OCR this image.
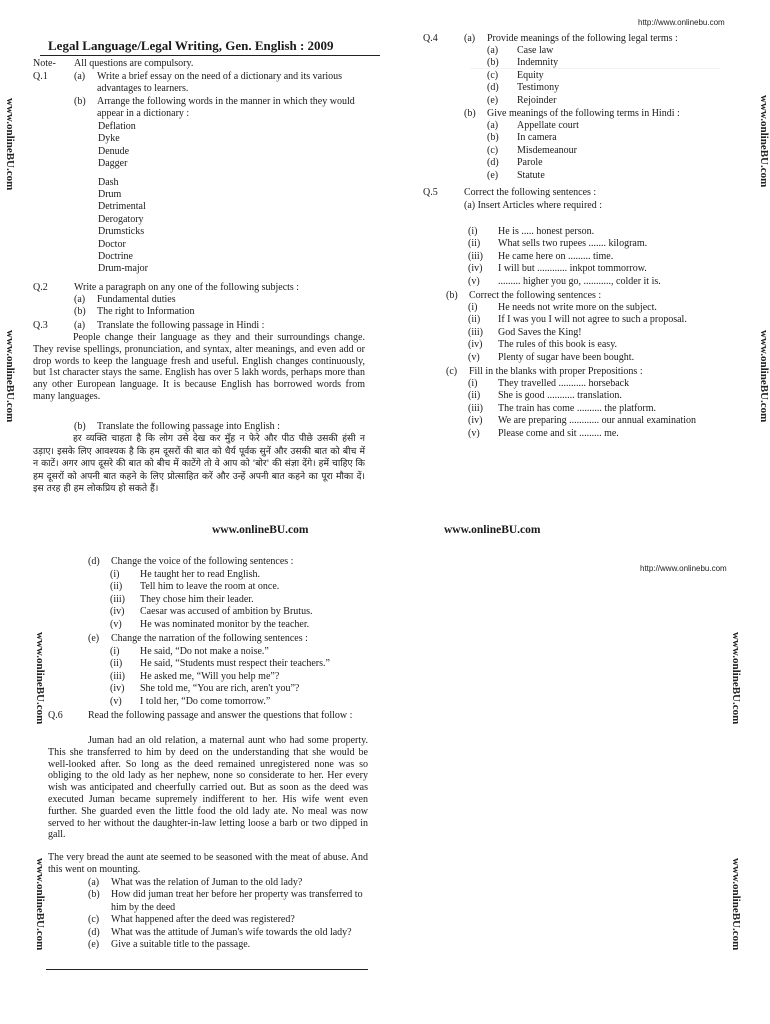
http://www.onlinebu.com
www.onlineBU.com
www.onlineBU.com
www.onlineBU.com
www.onlineBU.com
Legal Language/Legal Writing, Gen. English : 2009
Note- All questions are compulsory.
Q.1	(a) Write a brief essay on the need of a dictionary and its various advantages to learners.
(b) Arrange the following words in the manner in which they would appear in a dictionary :
Deflation
Dyke
Denude
Dagger
Dash
Drum
Detrimental
Derogatory
Drumsticks
Doctor
Doctrine
Drum-major
Q.2	Write a paragraph on any one of the following subjects :
(a) Fundamental duties
(b) The right to Information
Q.3	(a) Translate the following passage in Hindi :
People change their language as they and their surroundings change. They revise spellings, pronunciation, and syntax, alter meanings, and even add or drop words to keep the language fresh and useful. English changes continuously, but 1st character stays the same. English has over 5 lakh words, perhaps more than any other European language. It is because English has borrowed words from many languages.
(b) Translate the following passage into English :
हर व्यक्ति चाहता है कि लोग उसे देख कर मुँह न फेरे और पीठ पीछे उसकी हंसी न उड़ाए। इसके लिए आवश्यक है कि हम दूसरों की बात को धैर्य पूर्वक सुनें और उसकी बात को बीच में न काटें। अगर आप दूसरे की बात को बीच में काटेंगे तो वे आप को 'बोर' की संज्ञा देंगे। हमें चाहिए कि हम दूसरों को अपनी बात कहने के लिए प्रोत्साहित करें और उन्हें अपनी बात कहने का पूरा मौका दें। इस तरह ही हम लोकप्रिय हो सकते हैं।
Q.4	(a) Provide meanings of the following legal terms :
(a) Case law
(b) Indemnity
(c) Equity
(d) Testimony
(e) Rejoinder
(b) Give meanings of the following terms in Hindi :
(a) Appellate court
(b) In camera
(c) Misdemeanour
(d) Parole
(e) Statute
Q.5	Correct the following sentences :
(a) Insert Articles where required :
(i) He is ..... honest person.
(ii) What sells two rupees ....... kilogram.
(iii) He came here on ......... time.
(iv) I will but ............ inkpot tommorrow.
(v) ......... higher you go, ..........., colder it is.
(b) Correct the following sentences :
(i) He needs not write more on the subject.
(ii) If I was you I will not agree to such a proposal.
(iii) God Saves the King!
(iv) The rules of this book is easy.
(v) Plenty of sugar have been bought.
(c) Fill in the blanks with proper Prepositions :
(i) They travelled ........... horseback
(ii) She is good ........... translation.
(iii) The train has come .......... the platform.
(iv) We are preparing ............ our annual examination
(v) Please come and sit ......... me.
www.onlineBU.com	www.onlineBU.com
http://www.onlinebu.com
www.onlineBU.com
www.onlineBU.com
www.onlineBU.com
www.onlineBU.com
(d) Change the voice of the following sentences :
(i) He taught her to read English.
(ii) Tell him to leave the room at once.
(iii) They chose him their leader.
(iv) Caesar was accused of ambition by Brutus.
(v) He was nominated monitor by the teacher.
(e) Change the narration of the following sentences :
(i) He said, “Do not make a noise.”
(ii) He said, “Students must respect their teachers.”
(iii) He asked me, “Will you help me”?
(iv) She told me, “You are rich, aren't you”?
(v) I told her, “Do come tomorrow.”
Q.6	Read the following passage and answer the questions that follow :
Juman had an old relation, a maternal aunt who had some property. This she transferred to him by deed on the understanding that she would be well-looked after. So long as the deed remained unregistered none was so obliging to the old lady as her nephew, none so considerate to her. Her every wish was anticipated and cheerfully carried out. But as soon as the deed was executed Juman became supremely indifferent to her. His wife went even further. She guarded even the little food the old lady ate. No meal was now served to her without the daughter-in-law letting loose a barb or two dipped in gall.
The very bread the aunt ate seemed to be seasoned with the meat of abuse. And this went on mounting.
(a) What was the relation of Juman to the old lady?
(b) How did juman treat her before her property was transferred to him by the deed
(c) What happened after the deed was registered?
(d) What was the attitude of Juman's wife towards the old lady?
(e) Give a suitable title to the passage.
